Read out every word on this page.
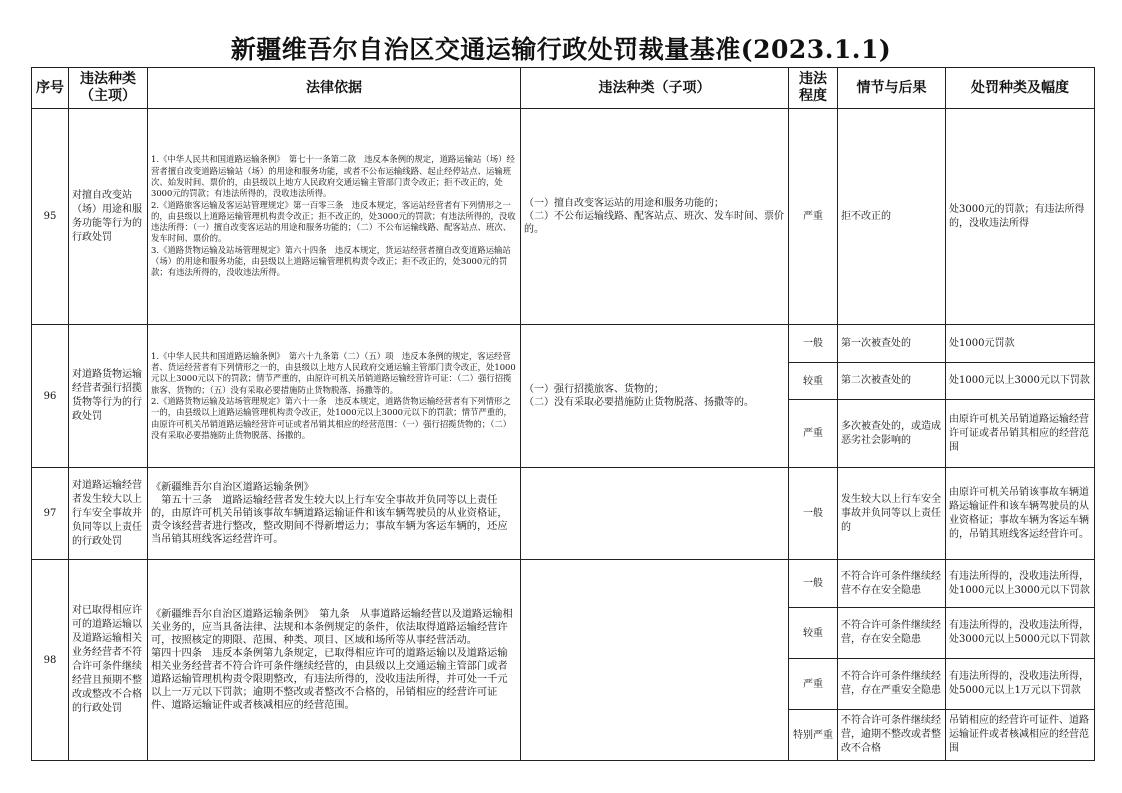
新疆维吾尔自治区交通运输行政处罚裁量基准(2023.1.1)
序号	违法种类
（主项）	法律依据	违法种类（子项）	违法
程度	情节与后果	处罚种类及幅度
95	对擅自改变站（场）用途和服务功能等行为的行政处罚	1.《中华人民共和国道路运输条例》　第七十一条第二款　违反本条例的规定，道路运输站（场）经营者擅自改变道路运输站（场）的用途和服务功能，或者不公布运输线路、起止经停站点、运输班次、始发时间、票价的，由县级以上地方人民政府交通运输主管部门责令改正；拒不改正的，处3000元的罚款；有违法所得的，没收违法所得。
2.《道路旅客运输及客运站管理规定》第一百零三条　违反本规定，客运站经营者有下列情形之一的，由县级以上道路运输管理机构责令改正；拒不改正的，处3000元的罚款；有违法所得的，没收违法所得：（一）擅自改变客运站的用途和服务功能的；（二）不公布运输线路、配客站点、班次、发车时间、票价的。
3.《道路货物运输及站场管理规定》第六十四条　违反本规定，货运站经营者擅自改变道路运输站（场）的用途和服务功能，由县级以上道路运输管理机构责令改正；拒不改正的，处3000元的罚款；有违法所得的，没收违法所得。	（一）擅自改变客运站的用途和服务功能的；
（二）不公布运输线路、配客站点、班次、发车时间、票价的。	严重	拒不改正的	处3000元的罚款；有违法所得的，没收违法所得
96	对道路货物运输经营者强行招揽货物等行为的行政处罚	1.《中华人民共和国道路运输条例》　第六十九条第（二）（五）项　违反本条例的规定，客运经营者、货运经营者有下列情形之一的，由县级以上地方人民政府交通运输主管部门责令改正，处1000元以上3000元以下的罚款；情节严重的，由原许可机关吊销道路运输经营许可证：（二）强行招揽旅客、货物的；（五）没有采取必要措施防止货物脱落、扬撒等的。
2.《道路货物运输及站场管理规定》第六十一条　违反本规定，道路货物运输经营者有下列情形之一的，由县级以上道路运输管理机构责令改正，处1000元以上3000元以下的罚款；情节严重的，由原许可机关吊销道路运输经营许可证或者吊销其相应的经营范围：（一）强行招揽货物的；（二）没有采取必要措施防止货物脱落、扬撒的。	（一）强行招揽旅客、货物的；
（二）没有采取必要措施防止货物脱落、扬撒等的。	一般	第一次被查处的	处1000元罚款
				较重	第二次被查处的	处1000元以上3000元以下罚款
				严重	多次被查处的，或造成恶劣社会影响的	由原许可机关吊销道路运输经营许可证或者吊销其相应的经营范围
97	对道路运输经营者发生较大以上行车安全事故并负同等以上责任的行政处罚	《新疆维吾尔自治区道路运输条例》
　第五十三条　道路运输经营者发生较大以上行车安全事故并负同等以上责任的，由原许可机关吊销该事故车辆道路运输证件和该车辆驾驶员的从业资格证，责令该经营者进行整改，整改期间不得新增运力；事故车辆为客运车辆的，还应当吊销其班线客运经营许可。		一般	发生较大以上行车安全事故并负同等以上责任的	由原许可机关吊销该事故车辆道路运输证件和该车辆驾驶员的从业资格证；事故车辆为客运车辆的，吊销其班线客运经营许可。
98	对已取得相应许可的道路运输以及道路运输相关业务经营者不符合许可条件继续经营且预期不整改或整改不合格的行政处罚	《新疆维吾尔自治区道路运输条例》　第九条　从事道路运输经营以及道路运输相关业务的，应当具备法律、法规和本条例规定的条件，依法取得道路运输经营许可，按照核定的期限、范围、种类、项目、区域和场所等从事经营活动。
第四十四条　违反本条例第九条规定，已取得相应许可的道路运输以及道路运输相关业务经营者不符合许可条件继续经营的，由县级以上交通运输主管部门或者道路运输管理机构责令限期整改，有违法所得的，没收违法所得，并可处一千元以上一万元以下罚款；逾期不整改或者整改不合格的，吊销相应的经营许可证件、道路运输证件或者核减相应的经营范围。		一般	不符合许可条件继续经营不存在安全隐患	有违法所得的，没收违法所得，处1000元以上3000元以下罚款
				较重	不符合许可条件继续经营，存在安全隐患	有违法所得的，没收违法所得，处3000元以上5000元以下罚款
				严重	不符合许可条件继续经营，存在严重安全隐患	有违法所得的，没收违法所得，处5000元以上1万元以下罚款
				特别严重	不符合许可条件继续经营，逾期不整改或者整改不合格	吊销相应的经营许可证件、道路运输证件或者核减相应的经营范围
